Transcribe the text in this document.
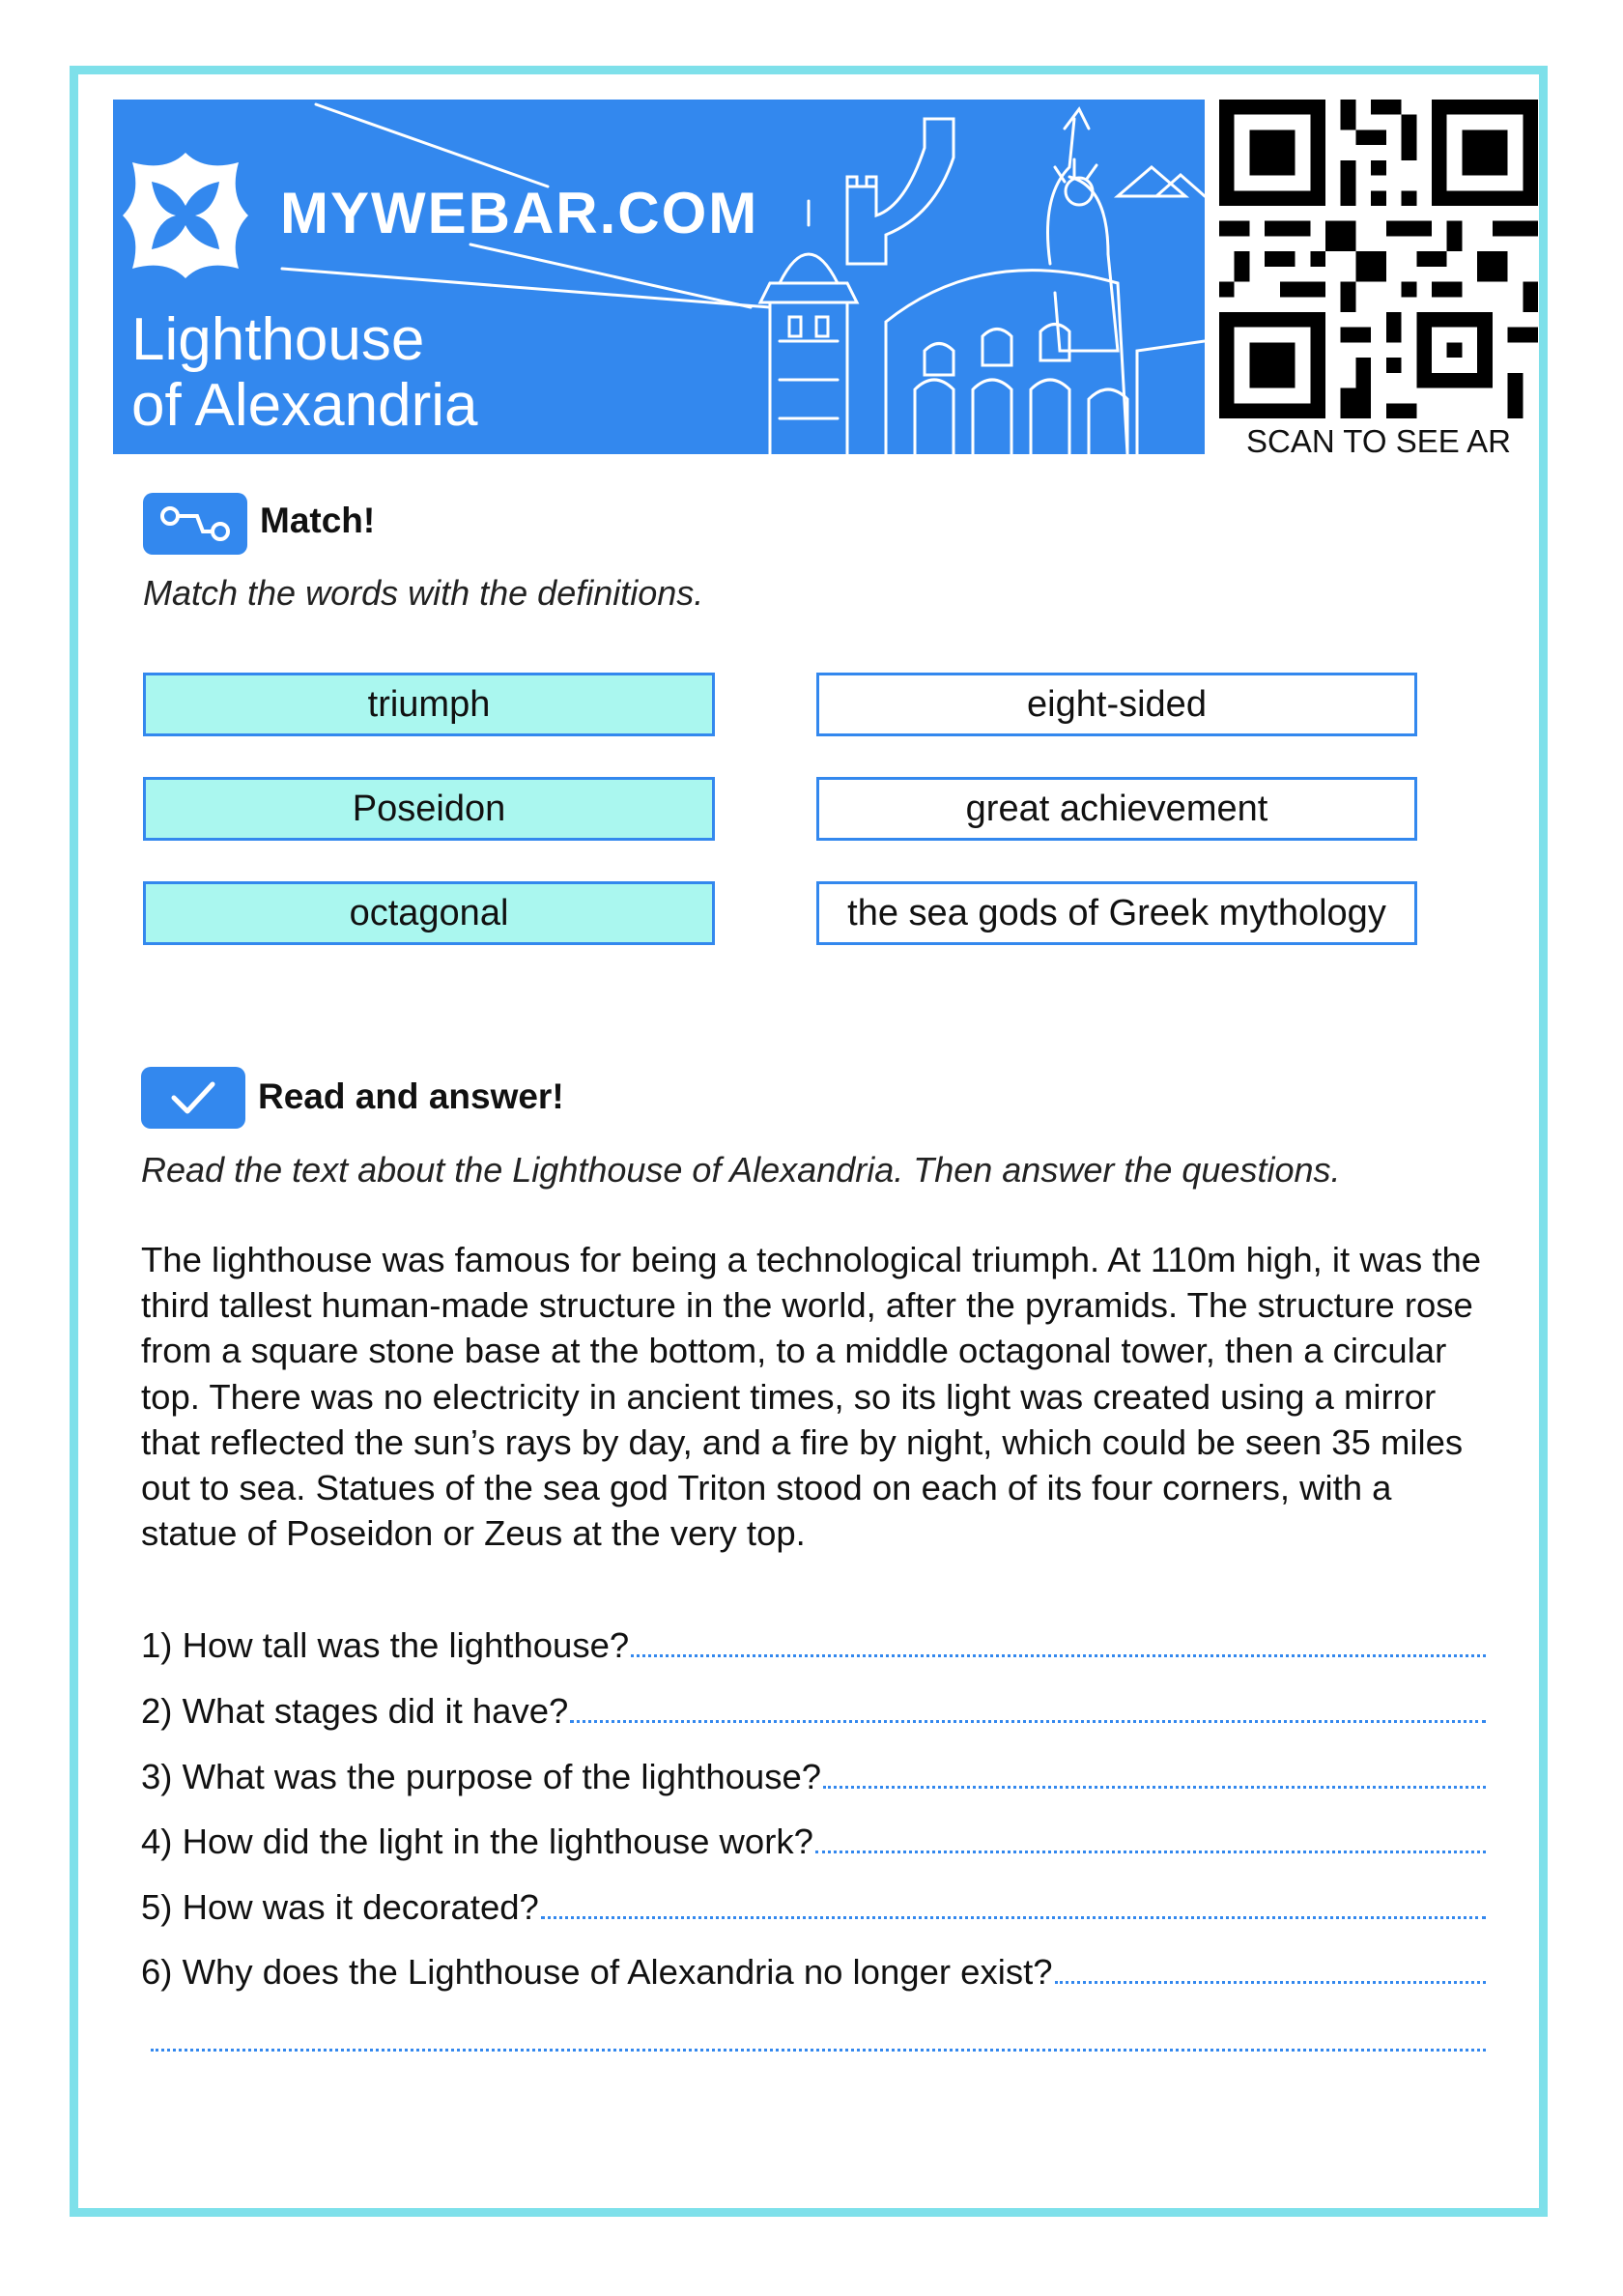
MYWEBAR.COM
Lighthouse
of Alexandria
SCAN TO SEE AR
Match!
Match the words with the definitions.
triumph
Poseidon
octagonal
eight-sided
great achievement
the sea gods of Greek mythology
Read and answer!
Read the text about the Lighthouse of Alexandria. Then answer the questions.
The lighthouse was famous for being a technological triumph. At 110m high, it was the third tallest human-made structure in the world, after the pyramids. The structure rose from a square stone base at the bottom, to a middle octagonal tower, then a circular top. There was no electricity in ancient times, so its light was created using a mirror that reflected the sun’s rays by day, and a fire by night, which could be seen 35 miles out to sea. Statues of the sea god Triton stood on each of its four corners, with a statue of Poseidon or Zeus at the very top.
1) How tall was the lighthouse?
2) What stages did it have?
3) What was the purpose of the lighthouse?
4) How did the light in the lighthouse work?
5) How was it decorated?
6) Why does the Lighthouse of Alexandria no longer exist?
